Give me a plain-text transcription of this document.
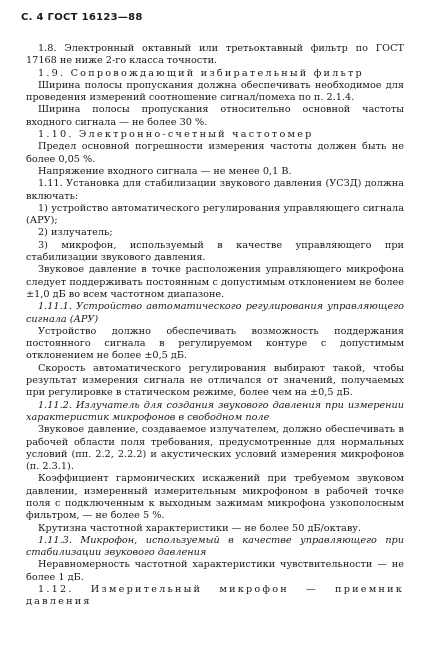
С. 4 ГОСТ 16123—88

1.8. Электронный октавный или третьоктавный фильтр по ГОСТ 17168 не ниже 2-го класса точности.

1.9. Сопровождающий избирательный фильтр

Ширина полосы пропускания должна обеспечивать необходимое для проведения измерений соотношение сигнал/помеха по п. 2.1.4.

Ширина полосы пропускания относительно основной частоты входного сигнала — не более 30 %.

1.10. Электронно-счетный частотомер

Предел основной погрешности измерения частоты должен быть не более 0,05 %.

Напряжение входного сигнала — не менее 0,1 В.

1.11. Установка для стабилизации звукового давления (УСЗД) должна включать:

1) устройство автоматического регулирования управляющего сигнала (АРУ);

2) излучатель;

3) микрофон, используемый в качестве управляющего при стабилизации звукового давления.

Звуковое давление в точке расположения управляющего микрофона следует поддерживать постоянным с допустимым отклонением не более ±1,0 дБ во всем частотном диапазоне.

1.11.1. Устройство автоматического регулирования управляющего сигнала (АРУ)

Устройство должно обеспечивать возможность поддержания постоянного сигнала в регулируемом контуре с допустимым отклонением не более ±0,5 дБ.

Скорость автоматического регулирования выбирают такой, чтобы результат измерения сигнала не отличался от значений, получаемых при регулировке в статическом режиме, более чем на ±0,5 дБ.

1.11.2. Излучатель для создания звукового давления при измерении характеристик микрофонов в свободном поле

Звуковое давление, создаваемое излучателем, должно обеспечивать в рабочей области поля требования, предусмотренные для нормальных условий (пп. 2.2, 2.2.2) и акустических условий измерения микрофонов (п. 2.3.1).

Коэффициент гармонических искажений при требуемом звуковом давлении, измеренный измерительным микрофоном в рабочей точке поля с подключенным к выходным зажимам микрофона узкополосным фильтром, — не более 5 %.

Крутизна частотной характеристики — не более 50 дБ/октаву.

1.11.3. Микрофон, используемый в качестве управляющего при стабилизации звукового давления

Неравномерность частотной характеристики чувствительности — не более 1 дБ.

1.12. Измерительный микрофон — приемник давления
